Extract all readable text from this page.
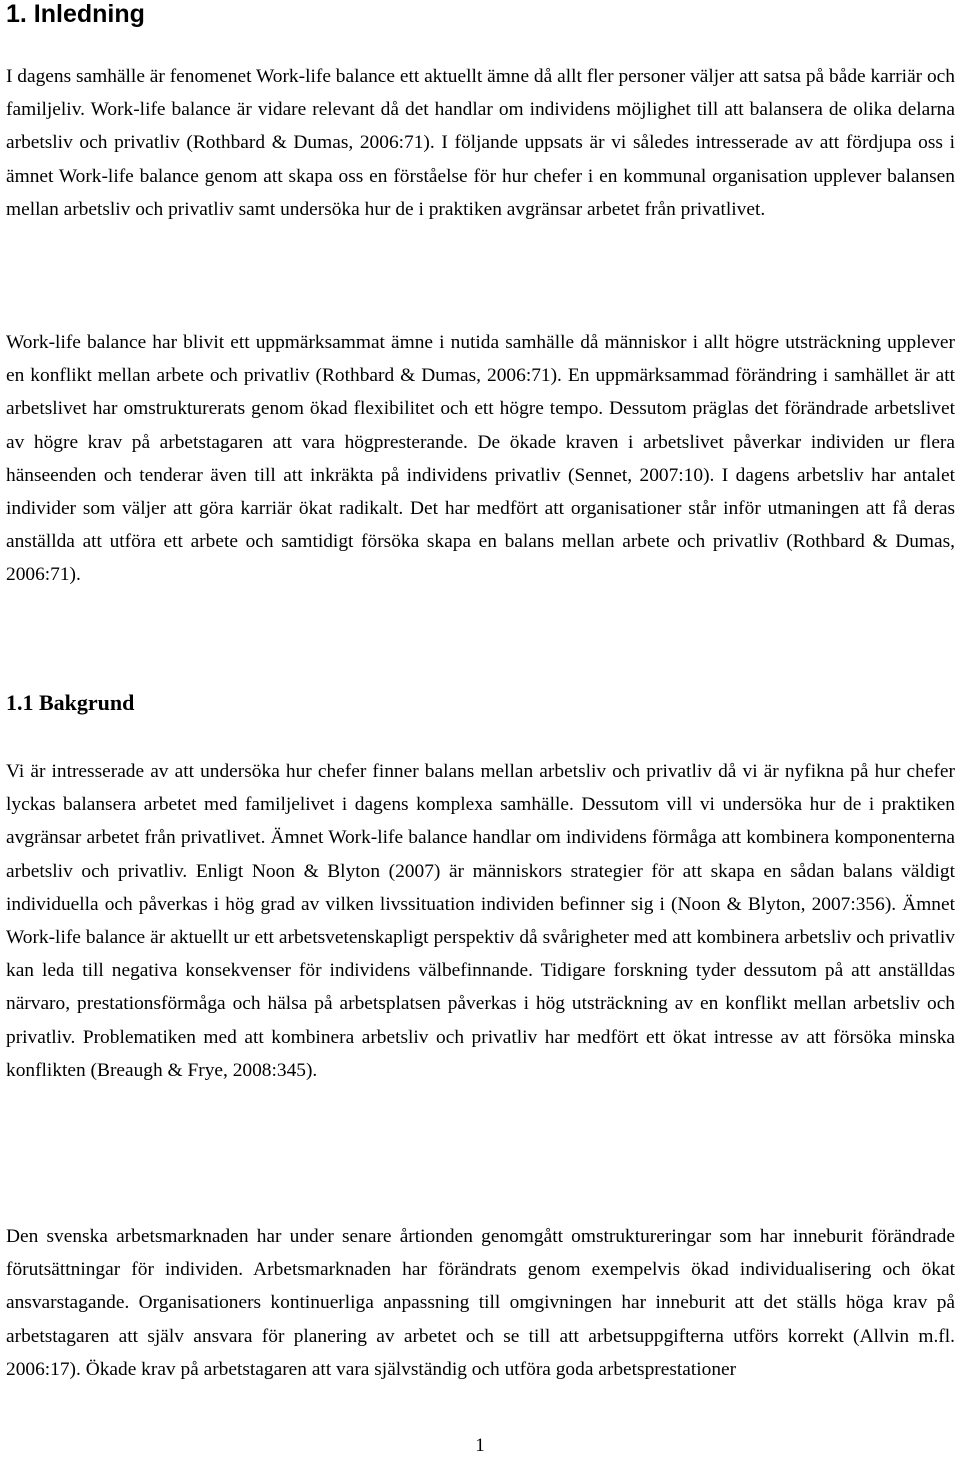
1. Inledning

I dagens samhälle är fenomenet Work-life balance ett aktuellt ämne då allt fler personer väljer att satsa på både karriär och familjeliv. Work-life balance är vidare relevant då det handlar om individens möjlighet till att balansera de olika delarna arbetsliv och privatliv (Rothbard & Dumas, 2006:71). I följande uppsats är vi således intresserade av att fördjupa oss i ämnet Work-life balance genom att skapa oss en förståelse för hur chefer i en kommunal organisation upplever balansen mellan arbetsliv och privatliv samt undersöka hur de i praktiken avgränsar arbetet från privatlivet.

Work-life balance har blivit ett uppmärksammat ämne i nutida samhälle då människor i allt högre utsträckning upplever en konflikt mellan arbete och privatliv (Rothbard & Dumas, 2006:71). En uppmärksammad förändring i samhället är att arbetslivet har omstrukturerats genom ökad flexibilitet och ett högre tempo. Dessutom präglas det förändrade arbetslivet av högre krav på arbetstagaren att vara högpresterande. De ökade kraven i arbetslivet påverkar individen ur flera hänseenden och tenderar även till att inkräkta på individens privatliv (Sennet, 2007:10). I dagens arbetsliv har antalet individer som väljer att göra karriär ökat radikalt. Det har medfört att organisationer står inför utmaningen att få deras anställda att utföra ett arbete och samtidigt försöka skapa en balans mellan arbete och privatliv (Rothbard & Dumas, 2006:71).

1.1 Bakgrund

Vi är intresserade av att undersöka hur chefer finner balans mellan arbetsliv och privatliv då vi är nyfikna på hur chefer lyckas balansera arbetet med familjelivet i dagens komplexa samhälle. Dessutom vill vi undersöka hur de i praktiken avgränsar arbetet från privatlivet. Ämnet Work-life balance handlar om individens förmåga att kombinera komponenterna arbetsliv och privatliv. Enligt Noon & Blyton (2007) är människors strategier för att skapa en sådan balans väldigt individuella och påverkas i hög grad av vilken livssituation individen befinner sig i (Noon & Blyton, 2007:356). Ämnet Work-life balance är aktuellt ur ett arbetsvetenskapligt perspektiv då svårigheter med att kombinera arbetsliv och privatliv kan leda till negativa konsekvenser för individens välbefinnande. Tidigare forskning tyder dessutom på att anställdas närvaro, prestationsförmåga och hälsa på arbetsplatsen påverkas i hög utsträckning av en konflikt mellan arbetsliv och privatliv. Problematiken med att kombinera arbetsliv och privatliv har medfört ett ökat intresse av att försöka minska konflikten (Breaugh & Frye, 2008:345).

Den svenska arbetsmarknaden har under senare årtionden genomgått omstruktureringar som har inneburit förändrade förutsättningar för individen. Arbetsmarknaden har förändrats genom exempelvis ökad individualisering och ökat ansvarstagande. Organisationers kontinuerliga anpassning till omgivningen har inneburit att det ställs höga krav på arbetstagaren att själv ansvara för planering av arbetet och se till att arbetsuppgifterna utförs korrekt (Allvin m.fl. 2006:17). Ökade krav på arbetstagaren att vara självständig och utföra goda arbetsprestationer

1
